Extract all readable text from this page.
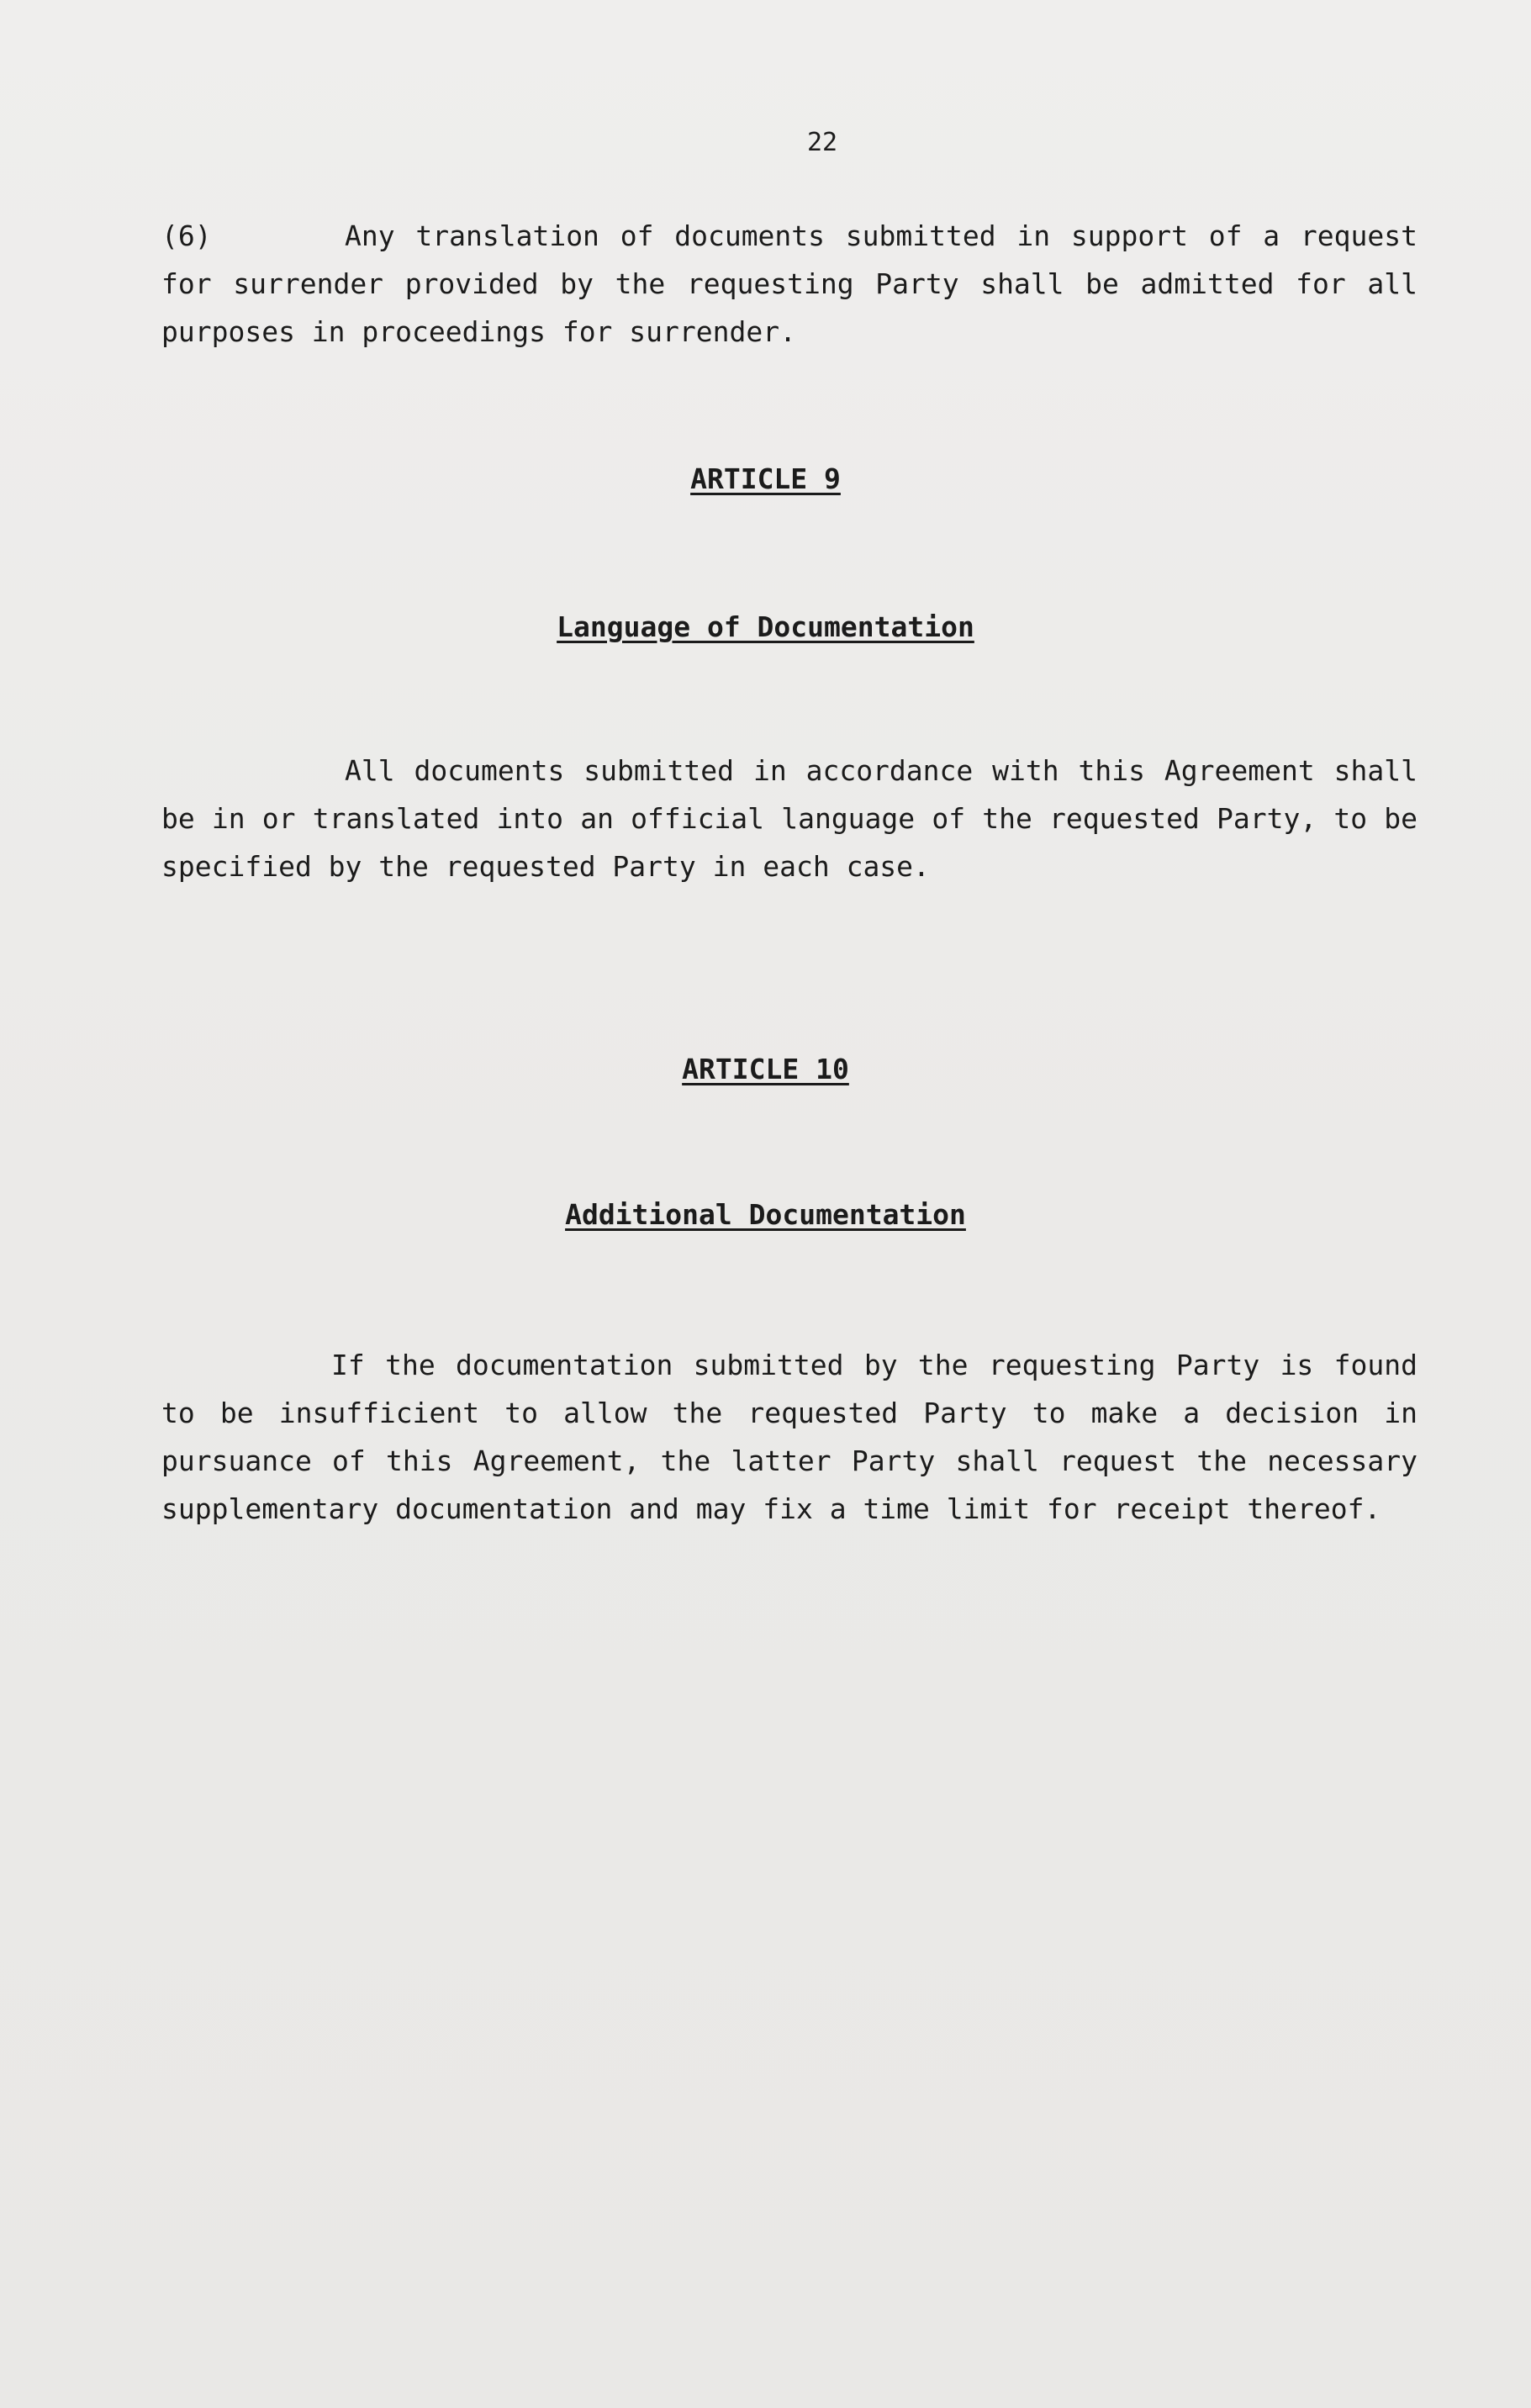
22
(6)	Any translation of documents submitted in support of a request for surrender provided by the requesting Party shall be admitted for all purposes in proceedings for surrender.
ARTICLE 9
Language of Documentation
All documents submitted in accordance with this Agreement shall be in or translated into an official language of the requested Party, to be specified by the requested Party in each case.
ARTICLE 10
Additional Documentation
If the documentation submitted by the requesting Party is found to be insufficient to allow the requested Party to make a decision in pursuance of this Agreement, the latter Party shall request the necessary supplementary documentation and may fix a time limit for receipt thereof.
